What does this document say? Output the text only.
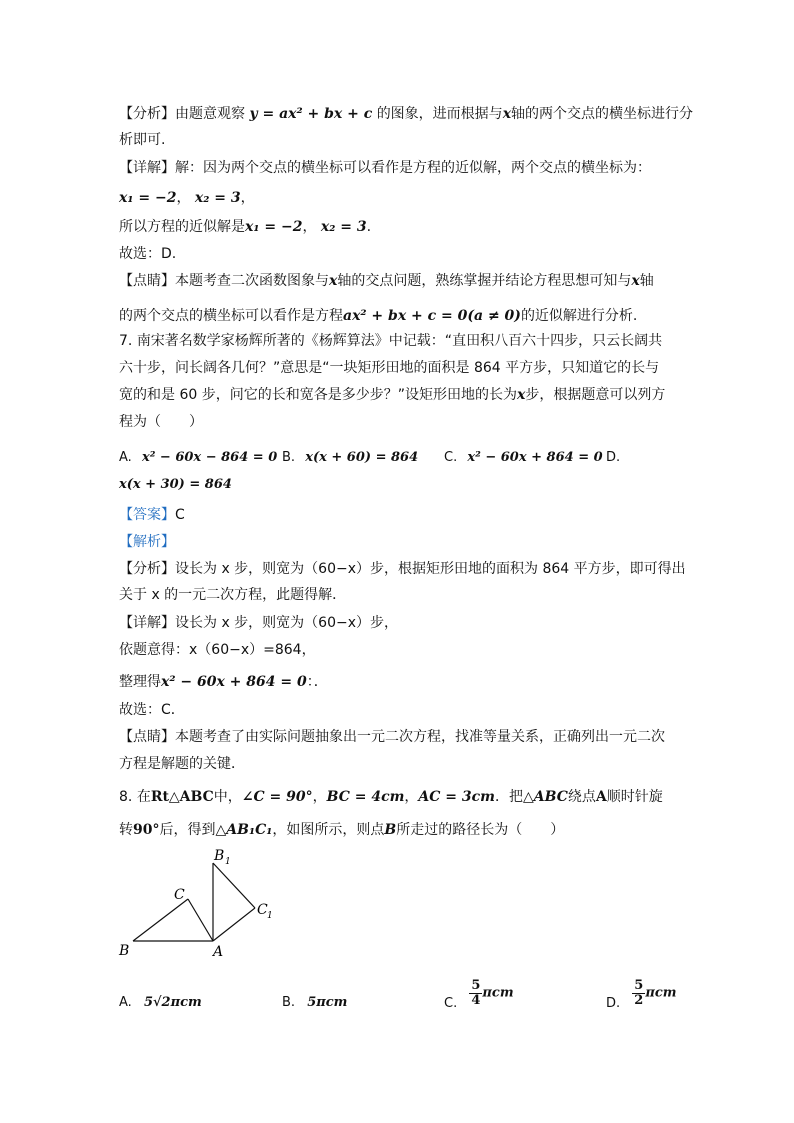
【分析】由题意观察 y = ax² + bx + c 的图象，进而根据与x轴的两个交点的横坐标进行分
析即可.
【详解】解：因为两个交点的横坐标可以看作是方程的近似解，两个交点的横坐标为：
x₁ = −2， x₂ = 3，
所以方程的近似解是x₁ = −2， x₂ = 3.
故选：D.
【点睛】本题考查二次函数图象与x轴的交点问题，熟练掌握并结论方程思想可知与x轴
的两个交点的横坐标可以看作是方程ax² + bx + c = 0(a ≠ 0)的近似解进行分析.
7. 南宋著名数学家杨辉所著的《杨辉算法》中记载：“直田积八百六十四步，只云长阔共
六十步，问长阔各几何？”意思是“一块矩形田地的面积是 864 平方步，只知道它的长与
宽的和是 60 步，问它的长和宽各是多少步？”设矩形田地的长为x步，根据题意可以列方
程为（　　）
A. x² − 60x − 864 = 0 B. x(x + 60) = 864 C. x² − 60x + 864 = 0 D.
x(x + 30) = 864
【答案】C
【解析】
【分析】设长为 x 步，则宽为（60−x）步，根据矩形田地的面积为 864 平方步，即可得出
关于 x 的一元二次方程，此题得解．
【详解】设长为 x 步，则宽为（60−x）步，
依题意得：x（60−x）=864，
整理得x² − 60x + 864 = 0：．
故选：C．
【点睛】本题考查了由实际问题抽象出一元二次方程，找准等量关系，正确列出一元二次
方程是解题的关键．
8. 在Rt△ABC中，∠C = 90°，BC = 4cm，AC = 3cm．把△ABC绕点A顺时针旋
转90°后，得到△AB₁C₁，如图所示，则点B所走过的路径长为（　　）
B
C
A
B 1
C 1
A. 5√2πcm	B. 5πcm	C. $\frac{5}{4}$ πcm
D. $\frac{5}{2}$ πcm
